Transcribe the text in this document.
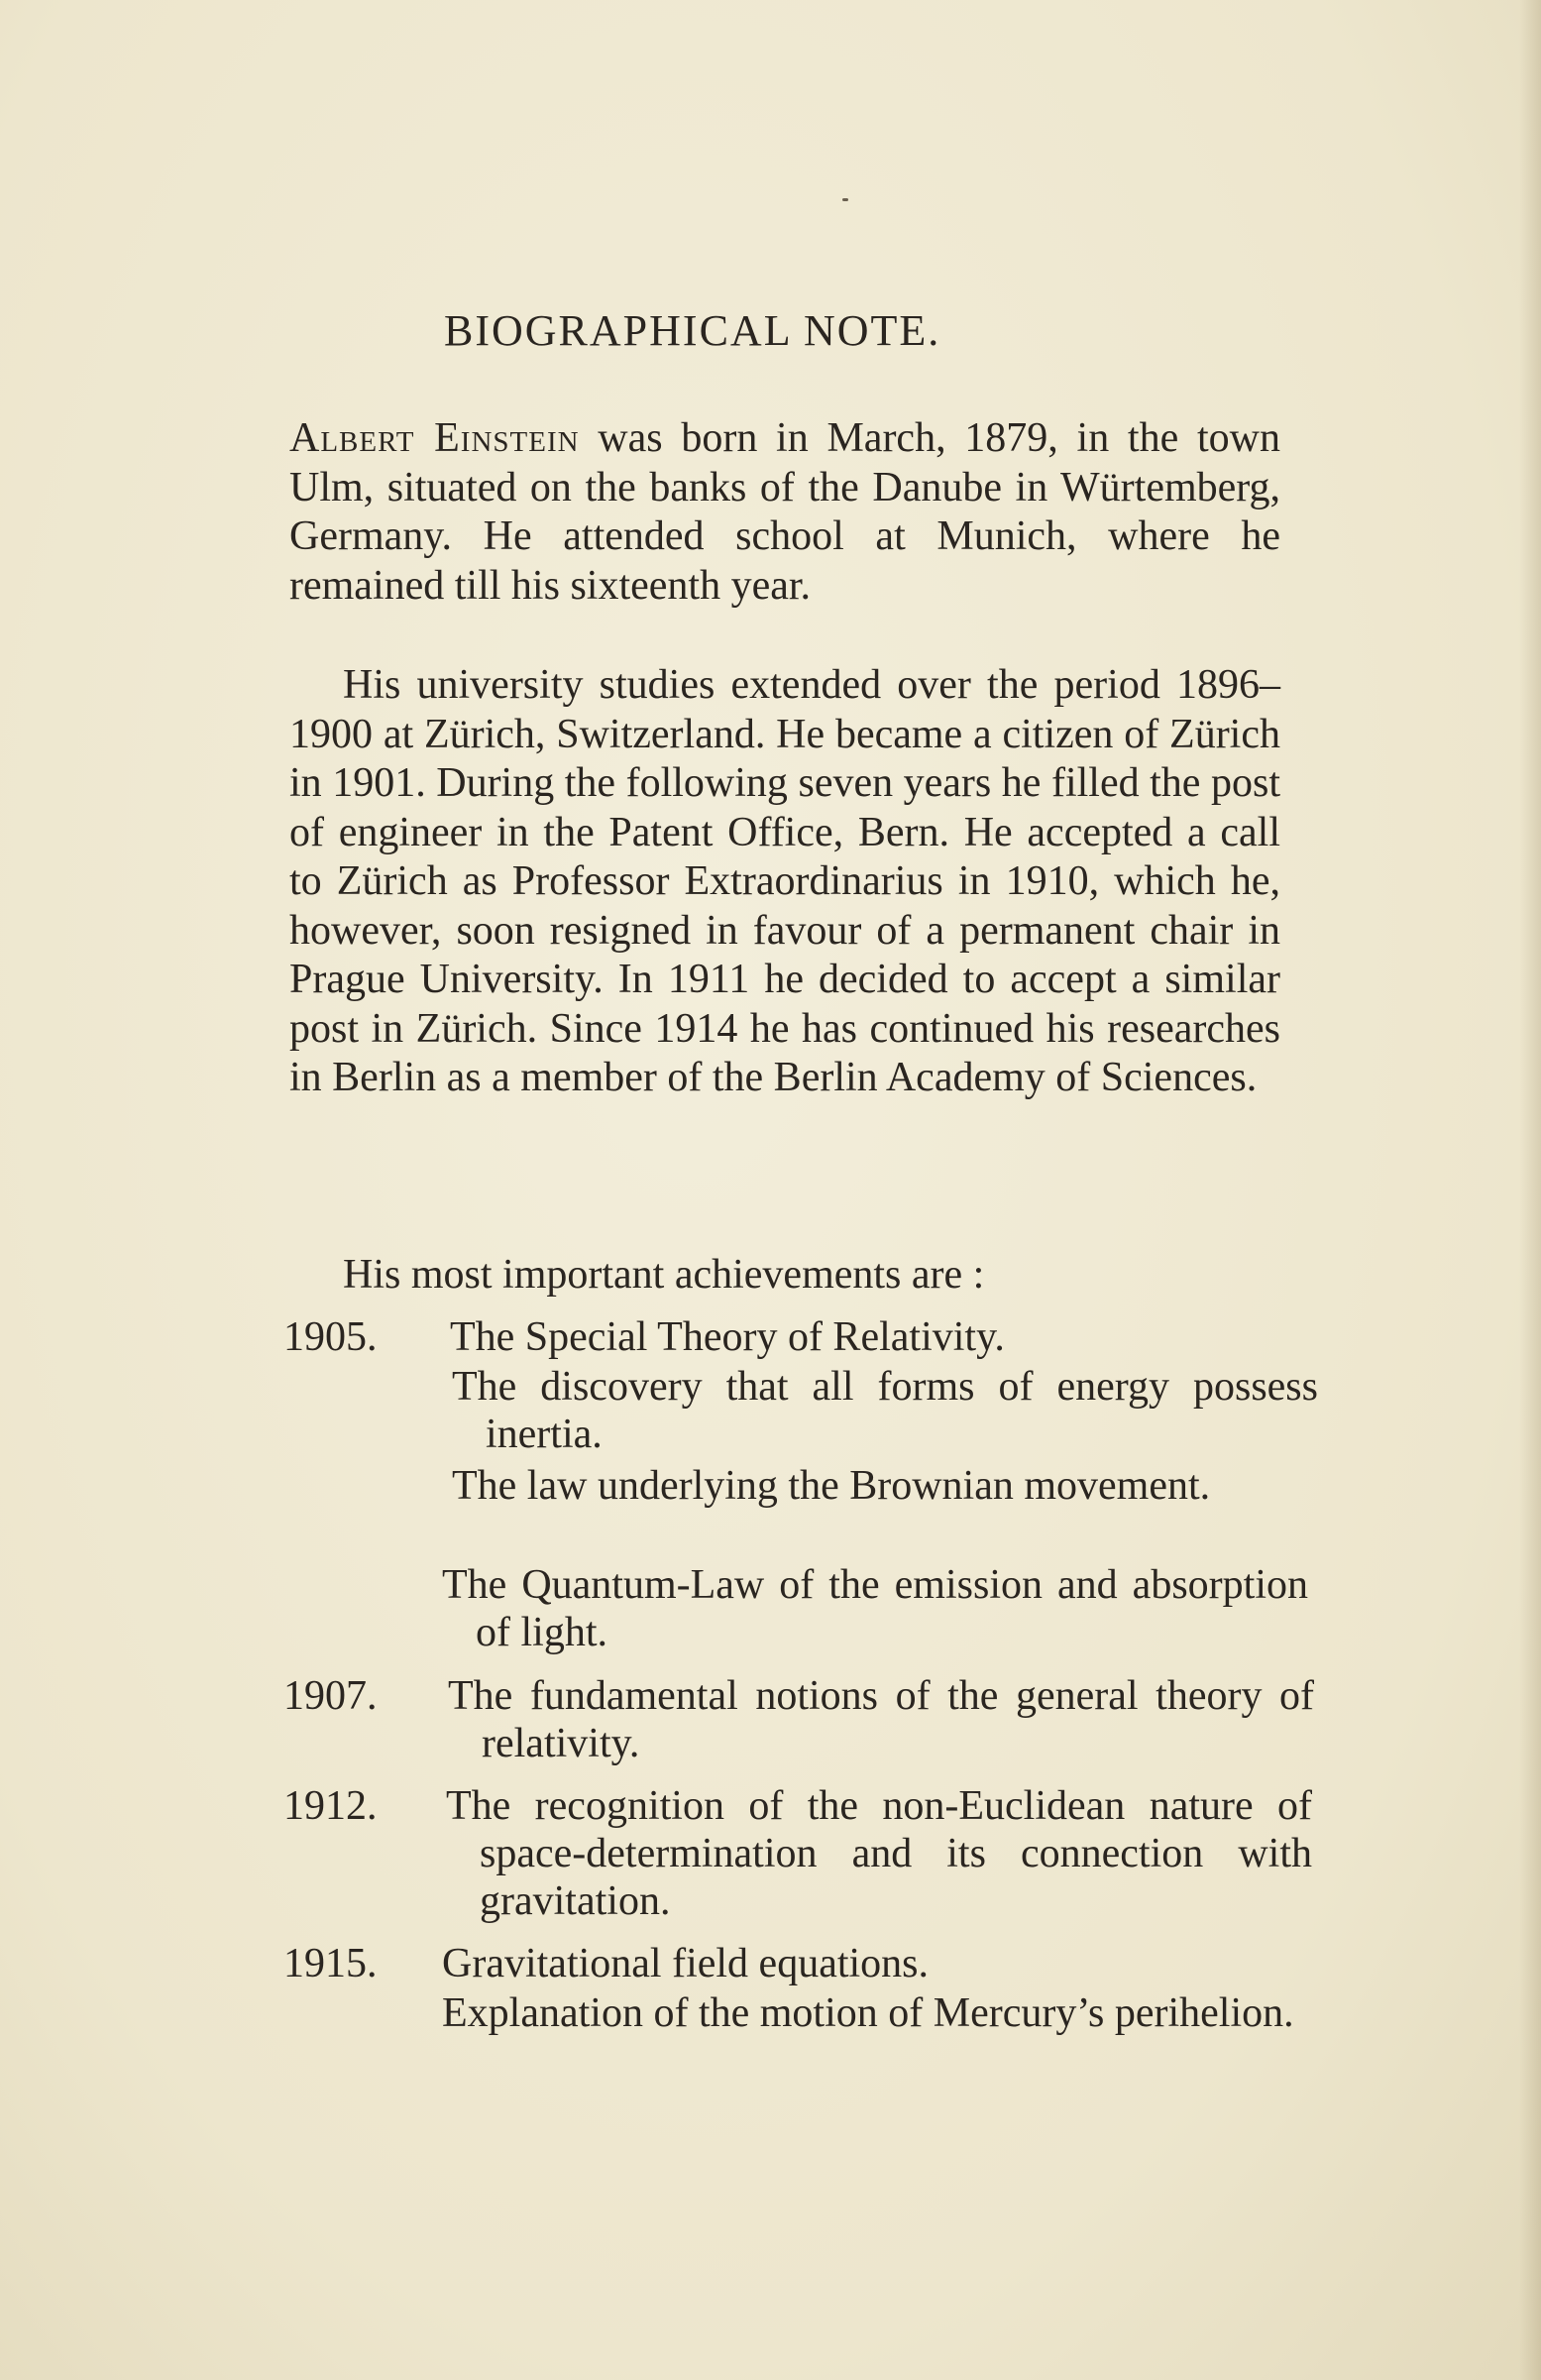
BIOGRAPHICAL NOTE.

Albert Einstein was born in March, 1879, in the town Ulm, situated on the banks of the Danube in Würtemberg, Germany. He attended school at Munich, where he remained till his sixteenth year.

His university studies extended over the period 1896–1900 at Zürich, Switzerland. He became a citizen of Zürich in 1901. During the following seven years he filled the post of engineer in the Patent Office, Bern. He accepted a call to Zürich as Professor Extraordinarius in 1910, which he, however, soon resigned in favour of a permanent chair in Prague University. In 1911 he decided to accept a similar post in Zürich. Since 1914 he has continued his researches in Berlin as a member of the Berlin Academy of Sciences.

His most important achievements are :

1905. The Special Theory of Relativity.

The discovery that all forms of energy possess inertia.

The law underlying the Brownian movement.

The Quantum-Law of the emission and absorption of light.

1907. The fundamental notions of the general theory of relativity.

1912. The recognition of the non-Euclidean nature of space-determination and its connection with gravitation.

1915. Gravitational field equations.

Explanation of the motion of Mercury’s perihelion.
